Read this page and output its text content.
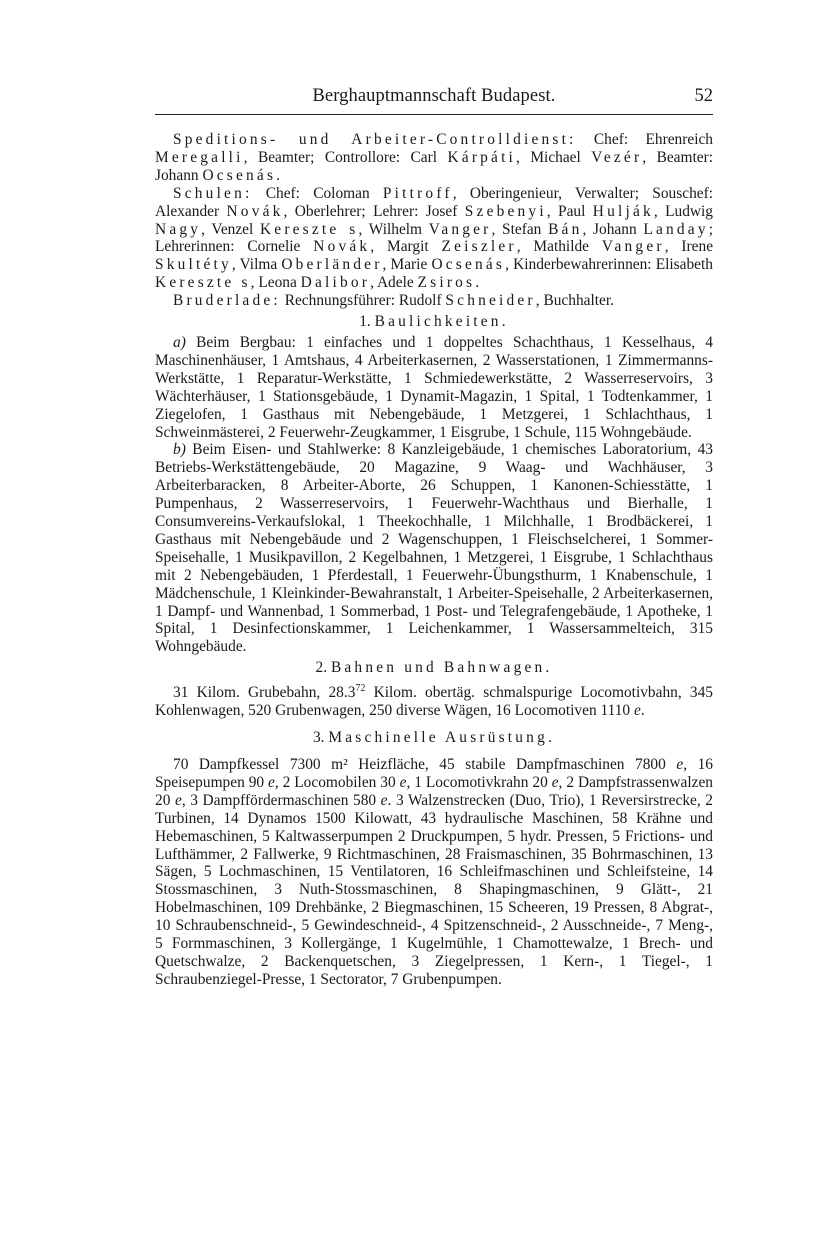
Berghauptmannschaft Budapest.	52

Speditions- und Arbeiter-Controlldienst: Chef: Ehrenreich Meregalli, Beamter; Controllore: Carl Kárpáti, Michael Vezér, Beamter: Johann Ocsenás.

Schulen: Chef: Coloman Pittroff, Oberingenieur, Verwalter; Souschef: Alexander Novák, Oberlehrer; Lehrer: Josef Szebenyi, Paul Hulják, Ludwig Nagy, Venzel Kereszte s, Wilhelm Vanger, Stefan Bán, Johann Landay; Lehrerinnen: Cornelie Novák, Margit Zeiszler, Mathilde Vanger, Irene Skultéty, Vilma Oberländer, Marie Ocsenás, Kinderbewahrerinnen: Elisabeth Kereszte s, Leona Dalibor, Adele Zsiros.

Bruderlade: Rechnungsführer: Rudolf Schneider, Buchhalter.

1. Baulichkeiten.

a) Beim Bergbau: 1 einfaches und 1 doppeltes Schachthaus, 1 Kesselhaus, 4 Maschinenhäuser, 1 Amtshaus, 4 Arbeiterkasernen, 2 Wasserstationen, 1 Zimmermanns-Werkstätte, 1 Reparatur-Werkstätte, 1 Schmiedewerkstätte, 2 Wasserreservoirs, 3 Wächterhäuser, 1 Stationsgebäude, 1 Dynamit-Magazin, 1 Spital, 1 Todtenkammer, 1 Ziegelofen, 1 Gasthaus mit Nebengebäude, 1 Metzgerei, 1 Schlachthaus, 1 Schweinmästerei, 2 Feuerwehr-Zeugkammer, 1 Eisgrube, 1 Schule, 115 Wohngebäude.

b) Beim Eisen- und Stahlwerke: 8 Kanzleigebäude, 1 chemisches Laboratorium, 43 Betriebs-Werkstättengebäude, 20 Magazine, 9 Waag- und Wachhäuser, 3 Arbeiterbaracken, 8 Arbeiter-Aborte, 26 Schuppen, 1 Kanonen-Schiesstätte, 1 Pumpenhaus, 2 Wasserreservoirs, 1 Feuerwehr-Wachthaus und Bierhalle, 1 Consumvereins-Verkaufslokal, 1 Theekochhalle, 1 Milchhalle, 1 Brodbäckerei, 1 Gasthaus mit Nebengebäude und 2 Wagenschuppen, 1 Fleischselcherei, 1 Sommer-Speisehalle, 1 Musikpavillon, 2 Kegelbahnen, 1 Metzgerei, 1 Eisgrube, 1 Schlachthaus mit 2 Nebengebäuden, 1 Pferdestall, 1 Feuerwehr-Übungsthurm, 1 Knabenschule, 1 Mädchenschule, 1 Kleinkinder-Bewahranstalt, 1 Arbeiter-Speisehalle, 2 Arbeiterkasernen, 1 Dampf- und Wannenbad, 1 Sommerbad, 1 Post- und Telegrafengebäude, 1 Apotheke, 1 Spital, 1 Desinfectionskammer, 1 Leichenkammer, 1 Wassersammelteich, 315 Wohngebäude.

2. Bahnen und Bahnwagen.

31 Kilom. Grubebahn, 28.3$^{72}$ Kilom. obertäg. schmalspurige Locomotivbahn, 345 Kohlenwagen, 520 Grubenwagen, 250 diverse Wägen, 16 Locomotiven 1110 e.

3. Maschinelle Ausrüstung.

70 Dampfkessel 7300 m² Heizfläche, 45 stabile Dampfmaschinen 7800 e, 16 Speisepumpen 90 e, 2 Locomobilen 30 e, 1 Locomotivkrahn 20 e, 2 Dampfstrassenwalzen 20 e, 3 Dampffördermaschinen 580 e. 3 Walzenstrecken (Duo, Trio), 1 Reversirstrecke, 2 Turbinen, 14 Dynamos 1500 Kilowatt, 43 hydraulische Maschinen, 58 Krähne und Hebemaschinen, 5 Kaltwasserpumpen 2 Druckpumpen, 5 hydr. Pressen, 5 Frictions- und Lufthämmer, 2 Fallwerke, 9 Richtmaschinen, 28 Fraismaschinen, 35 Bohrmaschinen, 13 Sägen, 5 Lochmaschinen, 15 Ventilatoren, 16 Schleifmaschinen und Schleifsteine, 14 Stossmaschinen, 3 Nuth-Stossmaschinen, 8 Shapingmaschinen, 9 Glätt-, 21 Hobelmaschinen, 109 Drehbänke, 2 Biegmaschinen, 15 Scheeren, 19 Pressen, 8 Abgrat-, 10 Schraubenschneid-, 5 Gewindeschneid-, 4 Spitzenschneid-, 2 Ausschneide-, 7 Meng-, 5 Formmaschinen, 3 Kollergänge, 1 Kugelmühle, 1 Chamottewalze, 1 Brech- und Quetschwalze, 2 Backenquetschen, 3 Ziegelpressen, 1 Kern-, 1 Tiegel-, 1 Schraubenziegel-Presse, 1 Sectorator, 7 Grubenpumpen.
